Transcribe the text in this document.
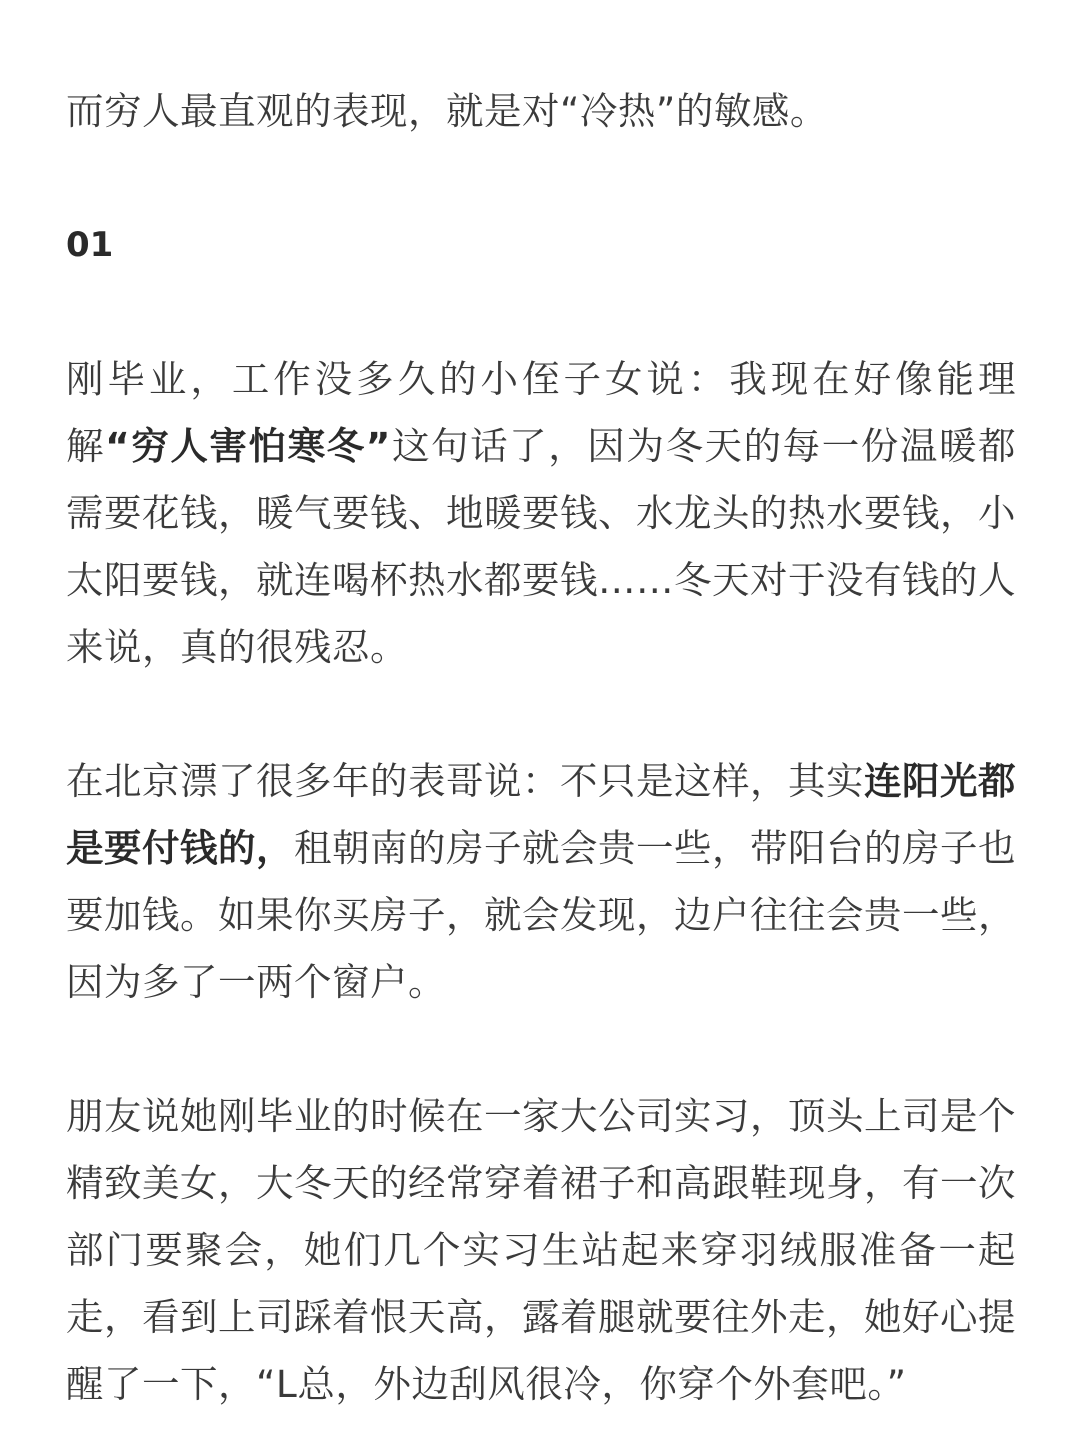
而穷人最直观的表现，就是对“冷热”的敏感。

01

刚毕业，工作没多久的小侄子女说：我现在好像能理解“穷人害怕寒冬”这句话了，因为冬天的每一份温暖都需要花钱，暖气要钱、地暖要钱、水龙头的热水要钱，小太阳要钱，就连喝杯热水都要钱……冬天对于没有钱的人来说，真的很残忍。

在北京漂了很多年的表哥说：不只是这样，其实连阳光都是要付钱的，租朝南的房子就会贵一些，带阳台的房子也要加钱。如果你买房子，就会发现，边户往往会贵一些，因为多了一两个窗户。

朋友说她刚毕业的时候在一家大公司实习，顶头上司是个精致美女，大冬天的经常穿着裙子和高跟鞋现身，有一次部门要聚会，她们几个实习生站起来穿羽绒服准备一起走，看到上司踩着恨天高，露着腿就要往外走，她好心提醒了一下，“L总，外边刮风很冷，你穿个外套吧。”
